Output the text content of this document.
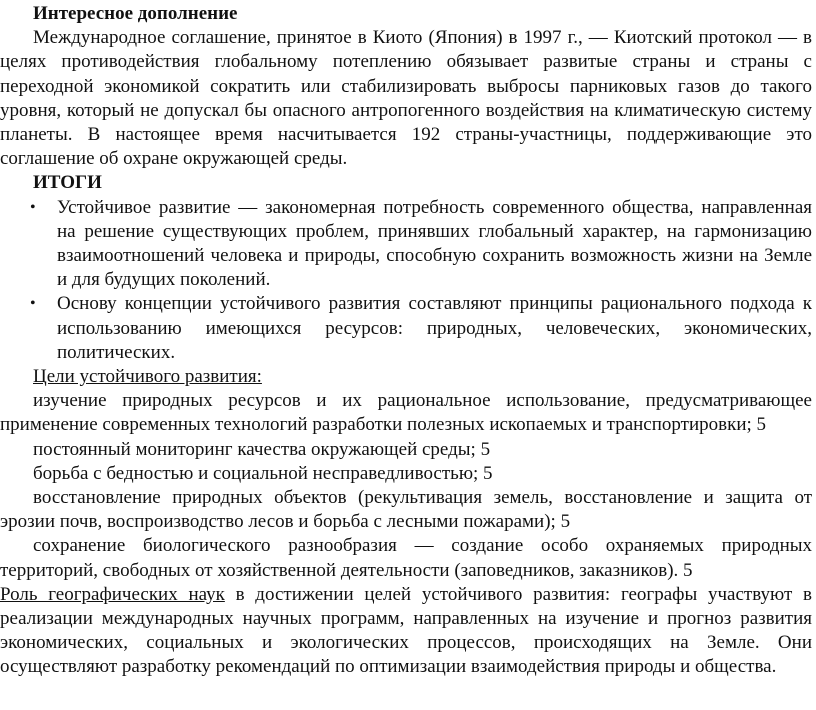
Интересное дополнение

Международное соглашение, принятое в Киото (Япония) в 1997 г., — Киотский протокол — в целях противодействия глобальному потеплению обязывает развитые страны и страны с переходной экономикой сократить или стабилизировать выбросы парниковых газов до такого уровня, который не допускал бы опасного антропогенного воздействия на климатическую систему планеты. В настоящее время насчитывается 192 страны-участницы, поддерживающие это соглашение об охране окружающей среды.

ИТОГИ

• Устойчивое развитие — закономерная потребность современного общества, направленная на решение существующих проблем, принявших глобальный характер, на гармонизацию взаимоотношений человека и природы, способную сохранить возможность жизни на Земле и для будущих поколений.
• Основу концепции устойчивого развития составляют принципы рационального подхода к использованию имеющихся ресурсов: природных, человеческих, экономических, политических.

Цели устойчивого развития:

изучение природных ресурсов и их рациональное использование, предусматривающее применение современных технологий разработки полезных ископаемых и транспортировки; 5

постоянный мониторинг качества окружающей среды; 5

борьба с бедностью и социальной несправедливостью; 5

восстановление природных объектов (рекультивация земель, восстановление и защита от эрозии почв, воспроизводство лесов и борьба с лесными пожарами); 5

сохранение биологического разнообразия — создание особо охраняемых природных территорий, свободных от хозяйственной деятельности (заповедников, заказников). 5

Роль географических наук в достижении целей устойчивого развития: географы участвуют в реализации международных научных программ, направленных на изучение и прогноз развития экономических, социальных и экологических процессов, происходящих на Земле. Они осуществляют разработку рекомендаций по оптимизации взаимодействия природы и общества.
